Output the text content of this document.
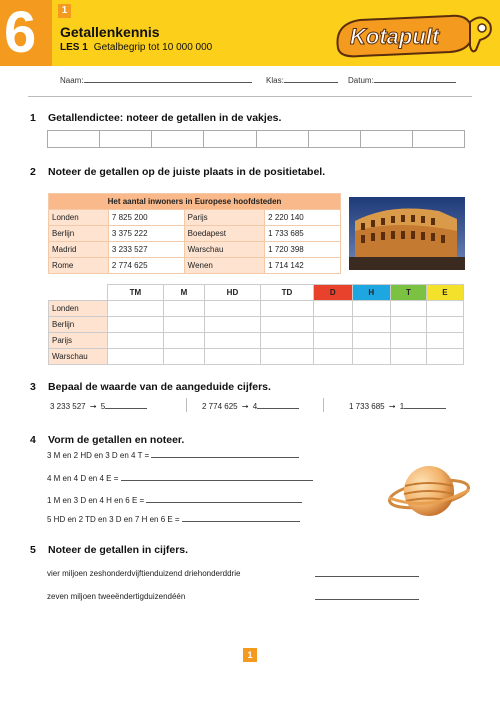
6	1
Getallenkennis
LES 1 Getalbegrip tot 10 000 000	Kotapult
Naam:	Klas:	Datum:
1 Getallendictee: noteer de getallen in de vakjes.
2 Noteer de getallen op de juiste plaats in de positietabel.
Het aantal inwoners in Europese hoofdsteden			
Londen	7 825 200	Parijs	2 220 140
Berlijn	3 375 222	Boedapest	1 733 685
Madrid	3 233 527	Warschau	1 720 398
Rome	2 774 625	Wenen	1 714 142
	TM	M	HD	TD	D	H	T	E
Londen								
Berlijn								
Parijs								
Warschau								
3 Bepaal de waarde van de aangeduide cijfers.
3 233 527 ➞ 5	2 774 625 ➞ 4	1 733 685 ➞ 1
4 Vorm de getallen en noteer.
3 M en 2 HD en 3 D en 4 T =
4 M en 4 D en 4 E =
1 M en 3 D en 4 H en 6 E =
5 HD en 2 TD en 3 D en 7 H en 6 E =
5 Noteer de getallen in cijfers.
vier miljoen zeshonderdvijftienduizend driehonderddrie
zeven miljoen tweeëndertigduizendéén
1
